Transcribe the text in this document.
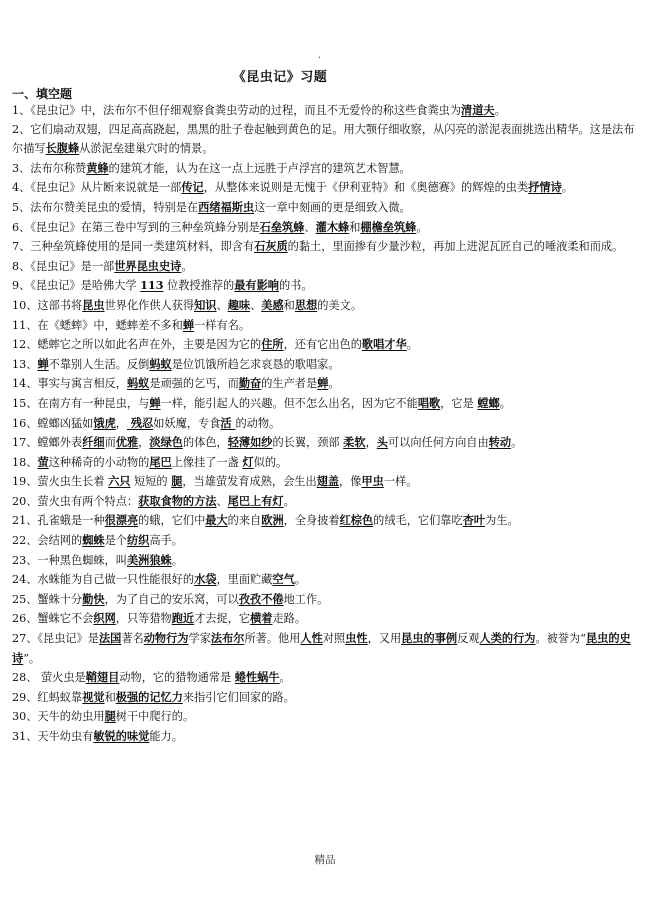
.
《昆虫记》习题
一、填空题
1、《昆虫记》中，法布尔不但仔细观察食粪虫劳动的过程，而且不无爱怜的称这些食粪虫为清道夫。
2、它们扇动双翅，四足高高跷起，黑黑的肚子卷起触到黄色的足。用大颚仔细收察，从闪亮的淤泥表面挑选出精华。这是法布尔描写长腹蜂从淤泥垒建巢穴时的情景。
3、法布尔称赞黄蜂的建筑才能，认为在这一点上远胜于卢浮宫的建筑艺术智慧。
4、《昆虫记》从片断来说就是一部传记，从整体来说则是无愧于《伊利亚特》和《奥德赛》的辉煌的虫类抒情诗。
5、法布尔赞美昆虫的爱情，特别是在西绪福斯虫这一章中刻画的更是细致入微。
6、《昆虫记》在第三卷中写到的三种垒筑蜂分别是石垒筑蜂、灌木蜂和棚檐垒筑蜂。
7、三种垒筑蜂使用的是同一类建筑材料，即含有石灰质的黏土，里面掺有少量沙粒，再加上进泥瓦匠自己的唾液柔和而成。
8、《昆虫记》是一部世界昆虫史诗。
9、《昆虫记》是哈佛大学 113 位教授推荐的最有影响的书。
10、这部书将昆虫世界化作供人获得知识、趣味、美感和思想的美文。
11、在《蟋蟀》中，蟋蟀差不多和蝉一样有名。
12、蟋蟀它之所以如此名声在外，主要是因为它的住所，还有它出色的歌唱才华。
13、蝉不靠别人生活。反倒蚂蚁是位饥饿所趋乞求哀恳的歌唱家。
14、事实与寓言相反，蚂蚁是顽强的乞丐，而勤奋的生产者是蝉。
15、在南方有一种昆虫，与蝉一样，能引起人的兴趣。但不怎么出名，因为它不能唱歌，它是 螳螂。
16、螳螂凶猛如饿虎， 残忍如妖魔，专食活 的动物。
17、螳螂外表纤细而优雅，淡绿色的体色，轻薄如纱的长翼，颈部 柔软，头可以向任何方向自由转动。
18、萤这种稀奇的小动物的尾巴上像挂了一盏 灯似的。
19、萤火虫生长着 六只 短短的 腿，当雄萤发育成熟，会生出翅盖，像甲虫一样。
20、萤火虫有两个特点：获取食物的方法、尾巴上有灯。
21、孔雀蛾是一种很漂亮的蛾，它们中最大的来自欧洲，全身披着红棕色的绒毛，它们靠吃杏叶为生。
22、会结网的蜘蛛是个纺织高手。
23、一种黑色蜘蛛，叫美洲狼蛛。
24、水蛛能为自己做一只性能很好的水袋，里面贮藏空气。
25、蟹蛛十分勤快，为了自己的安乐窝，可以孜孜不倦地工作。
26、蟹蛛它不会织网，只等猎物跑近才去捉，它横着走路。
27、《昆虫记》是法国著名动物行为学家法布尔所著。他用人性对照虫性，又用昆虫的事例反观人类的行为。被誉为“昆虫的史诗”。
28、 萤火虫是鞘翅目动物，它的猎物通常是 蜷性蜗牛。
29、红蚂蚁靠视觉和极强的记忆力来指引它们回家的路。
30、天牛的幼虫用腿树干中爬行的。
31、天牛幼虫有敏锐的味觉能力。
精品
